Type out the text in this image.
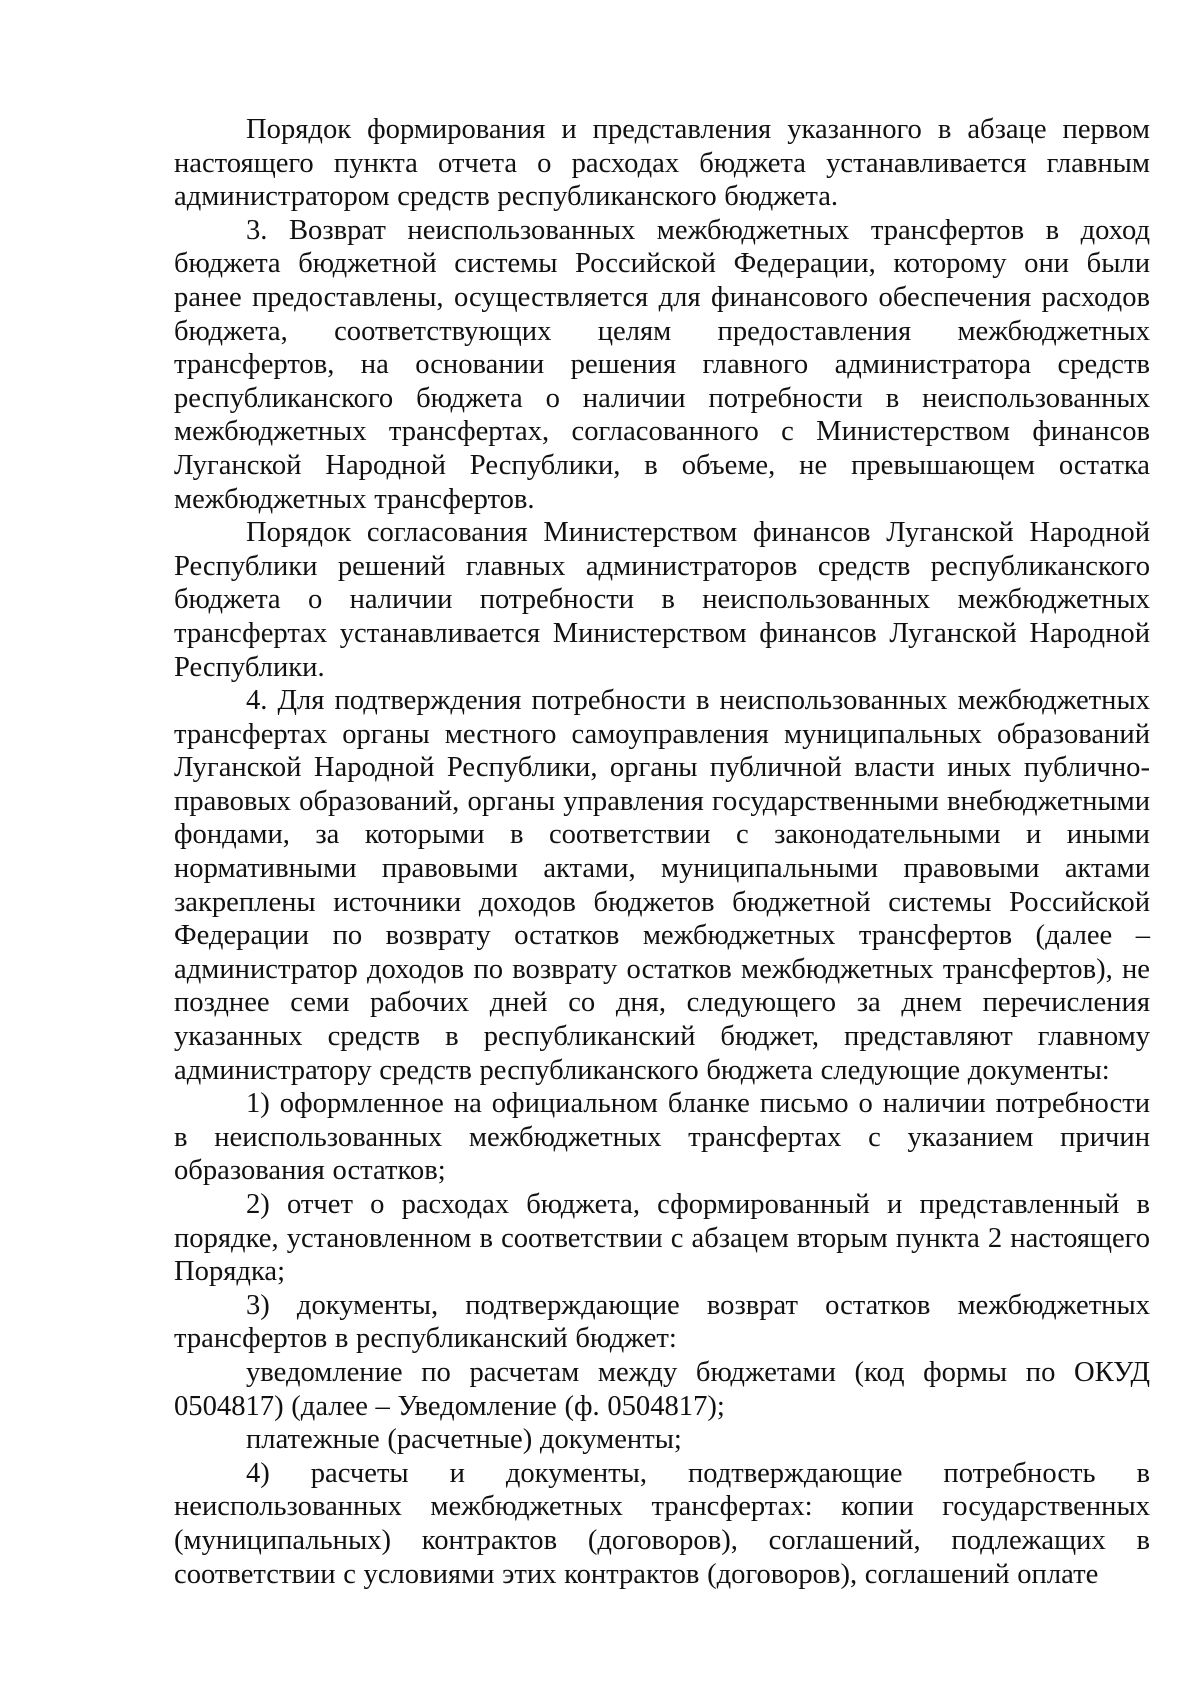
Порядок формирования и представления указанного в абзаце первом настоящего пункта отчета о расходах бюджета устанавливается главным администратором средств республиканского бюджета.

3. Возврат неиспользованных межбюджетных трансфертов в доход бюджета бюджетной системы Российской Федерации, которому они были ранее предоставлены, осуществляется для финансового обеспечения расходов бюджета, соответствующих целям предоставления межбюджетных трансфертов, на основании решения главного администратора средств республиканского бюджета о наличии потребности в неиспользованных межбюджетных трансфертах, согласованного с Министерством финансов Луганской Народной Республики, в объеме, не превышающем остатка межбюджетных трансфертов.

Порядок согласования Министерством финансов Луганской Народной Республики решений главных администраторов средств республиканского бюджета о наличии потребности в неиспользованных межбюджетных трансфертах устанавливается Министерством финансов Луганской Народной Республики.

4. Для подтверждения потребности в неиспользованных межбюджетных трансфертах органы местного самоуправления муниципальных образований Луганской Народной Республики, органы публичной власти иных публично-правовых образований, органы управления государственными внебюджетными фондами, за которыми в соответствии с законодательными и иными нормативными правовыми актами, муниципальными правовыми актами закреплены источники доходов бюджетов бюджетной системы Российской Федерации по возврату остатков межбюджетных трансфертов (далее – администратор доходов по возврату остатков межбюджетных трансфертов), не позднее семи рабочих дней со дня, следующего за днем перечисления указанных средств в республиканский бюджет, представляют главному администратору средств республиканского бюджета следующие документы:

1) оформленное на официальном бланке письмо о наличии потребности в неиспользованных межбюджетных трансфертах с указанием причин образования остатков;

2) отчет о расходах бюджета, сформированный и представленный в порядке, установленном в соответствии с абзацем вторым пункта 2 настоящего Порядка;

3) документы, подтверждающие возврат остатков межбюджетных трансфертов в республиканский бюджет:

уведомление по расчетам между бюджетами (код формы по ОКУД 0504817) (далее – Уведомление (ф. 0504817);

платежные (расчетные) документы;

4) расчеты и документы, подтверждающие потребность в неиспользованных межбюджетных трансфертах: копии государственных (муниципальных) контрактов (договоров), соглашений, подлежащих в соответствии с условиями этих контрактов (договоров), соглашений оплате
